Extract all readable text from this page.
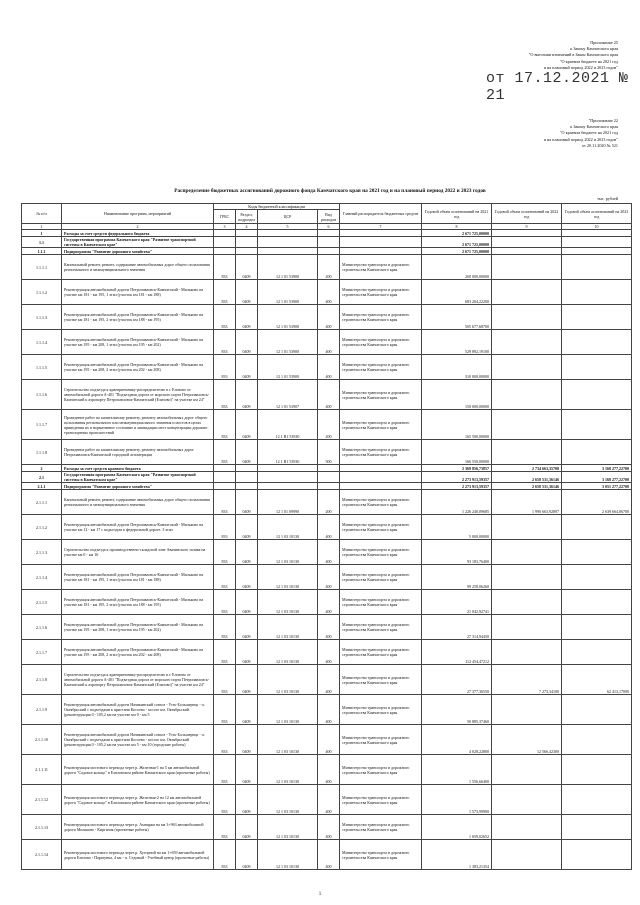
Приложение 25
к Закону Камчатского края
"О внесении изменений в Закон Камчатского края
"О краевом бюджете на 2021 год
и на плановый период 2022 и 2023 годов"
от 17.12.2021 № 21
"Приложение 22
к Закону Камчатского края
"О краевом бюджете на 2021 год
и на плановый период 2022 и 2023 годов"
от 20.11.2020 № 521
Распределение бюджетных ассигнований дорожного фонда Камчатского края на 2021 год и на плановый период 2022 и 2023 годов
тыс. рублей
№ п/п	Наименование программ, мероприятий	Коды бюджетной классификации				Главный распорядитель бюджетных средств	Годовой объем ассигнований на 2021 год	Годовой объем ассигнований на 2022 год	Годовой объем ассигнований на 2023 год
		ГРБС	Раздел, подраздел	ЦСР	Вид расходов				
1	2	3	4	5	6	7	8	9	10
1	Расходы за счет средств федерального бюджета						2 671 725,00000		
1.1	Государственная программа Камчатского края "Развитие транспортной системы в Камчатском крае"						2 671 725,00000		
1.1.1	Подпрограмма "Развитие дорожного хозяйства"						2 671 725,00000		
1.1.1.1	Капитальный ремонт, ремонт, содержание автомобильных дорог общего пользования регионального и межмуниципального значения	833	0409	12 1 01 53900	200	Министерство транспорта и дорожного строительства Камчатского края	200 000,00000		
1.1.1.2	Реконструкция автомобильной дороги Петропавловск-Камчатский - Мильково на участке км 181 - км 195, 1 этап (участок км 181 - км 188)	833	0409	12 1 01 53900	400	Министерство транспорта и дорожного строительства Камчатского края	683 204,22200		
1.1.1.3	Реконструкция автомобильной дороги Петропавловск-Камчатский - Мильково на участке км 181 - км 195, 2 этап (участок км 188 - км 195)	833	0409	12 1 01 53900	400	Министерство транспорта и дорожного строительства Камчатского края	505 677,68700		
1.1.1.4	Реконструкция автомобильной дороги Петропавловск-Камчатский - Мильково на участке км 195 - км 208, 1 этап (участок км 195 - км 202)	833	0409	12 1 01 53900	400	Министерство транспорта и дорожного строительства Камчатского края	529 892,19100		
1.1.1.5	Реконструкция автомобильной дороги Петропавловск-Камчатский - Мильково на участке км 195 - км 208, 2 этап (участок км 202 - км 208)	833	0409	12 1 01 53900	400	Министерство транспорта и дорожного строительства Камчатского края	310 000,00000		
1.1.1.6	Строительство подъезда к краеприемнику-распределителю в г. Елизово от автомобильной дороги А-401 "Подъездная дорога от морского порта Петропавловск-Камчатский к аэропорту Петропавловск-Камчатский (Елизово)" на участке км 24"	833	0409	12 1 01 53907	400	Министерство транспорта и дорожного строительства Камчатского края	150 000,00000		
1.1.1.7	Проведение работ по капитальному ремонту, ремонту автомобильных дорог общего пользования регионального или межмуниципального значения и мостов в целях приведения их в нормативное состояние и ликвидации мест концентрации дорожно-транспортных происшествий	833	0409	12 1 R1 53930	200	Министерство транспорта и дорожного строительства Камчатского края	165 500,00000		
1.1.1.8	Проведение работ по капитальному ремонту, ремонту автомобильных дорог Петропавловск-Камчатской городской агломерации	833	0409	12 1 R1 53930	500	Министерство транспорта и дорожного строительства Камчатского края	166 550,00000		
2	Расходы за счет средств краевого бюджета						2 369 856,73857	2 734 663,35700	3 168 277,22700
2.1	Государственная программа Камчатского края "Развитие транспортной системы в Камчатском крае"						2 273 913,59357	2 658 531,36146	3 168 277,22700
2.1.1	Подпрограмма "Развитие дорожного хозяйства"						2 273 913,59357	2 658 531,36146	3 051 277,22700
2.1.1.1	Капитальный ремонт, ремонт, содержание автомобильных дорог общего пользования регионального и межмуниципального значения	833	0409	12 1 01 09990	200	Министерство транспорта и дорожного строительства Камчатского края	1 226 240,09685	1 990 663,92897	2 639 664,06700
2.1.1.2	Реконструкция автомобильной дороги Петропавловск-Камчатский - Мильково на участке км 12 - км 17 с подъездом к федеральной дороге, 3 этап	833	0409	12 1 03 10130	400	Министерство транспорта и дорожного строительства Камчатского края	5 000,00000		
2.1.1.3	Строительство подъезда к производственно-складской зоне Авачинского залива на участке км 0 - км 16	833	0409	12 1 03 10130	400	Министерство транспорта и дорожного строительства Камчатского края	93 183,76400		
2.1.1.4	Реконструкция автомобильной дороги Петропавловск-Камчатский - Мильково на участке км 181 - км 195, 1 этап (участок км 181 - км 188)	833	0409	12 1 03 10130	400	Министерство транспорта и дорожного строительства Камчатского края	99 258,06260		
2.1.1.5	Реконструкция автомобильной дороги Петропавловск-Камчатский - Мильково на участке км 181 - км 195, 2 этап (участок км 188 - км 195)	833	0409	12 1 03 10130	400	Министерство транспорта и дорожного строительства Камчатского края	21 042,92741		
2.1.1.6	Реконструкция автомобильной дороги Петропавловск-Камчатский - Мильково на участке км 195 - км 208, 1 этап (участок км 195 - км 202)	833	0409	12 1 03 10130	400	Министерство транспорта и дорожного строительства Камчатского края	27 314,94450		
2.1.1.7	Реконструкция автомобильной дороги Петропавловск-Камчатский - Мильково на участке км 195 - км 208, 2 этап (участок км 202 - км 208)	833	0409	12 1 03 10130	400	Министерство транспорта и дорожного строительства Камчатского края	112 454,47212		
2.1.1.8	Строительство подъезда к краеприемнику-распределителю в г. Елизово от автомобильной дороги А-401 "Подъездная дорога от морского порта Петропавловск-Камчатский к аэропорту Петропавловск-Камчатский (Елизово)" на участке км 24"	833	0409	12 1 03 10130	400	Министерство транспорта и дорожного строительства Камчатского края	27 377,36550	7 273,34100	62 413,17000
2.1.1.9	Реконструкция автомобильной дороги Начикинский совхоз - Усть-Большерецк - п. Октябрьский с подъездами к пристани Косоево - косого км. Октябрьский (реконструкция 0 - 105,2 км на участке км 0 - км 5	833	0409	12 1 03 10130	400	Министерство транспорта и дорожного строительства Камчатского края	50 885,37460		
2.1.1.10	Реконструкция автомобильной дороги Начикинский совхоз - Усть-Большерецк - п. Октябрьский с подъездами к пристани Косоево - косого км. Октябрьский (реконструкция 0 - 105,2 км на участке км 5 - км 10 (городские работы)	833	0409	12 1 03 10130	400	Министерство транспорта и дорожного строительства Камчатского края	4 028,22800	12 566,42300	
2.1.1.11	Реконструкция мостового перехода через р. Железная-1 на 5 км автомобильной дороги "Садовое кольцо" в Елизовском районе Камчатского края (проектные работы)	833	0409	12 1 03 10130	400	Министерство транспорта и дорожного строительства Камчатского края	1 556,66400		
2.1.1.12	Реконструкция мостового перехода через р. Железная-2 на 12 км автомобильной дороги "Садовое кольцо" в Елизовском районе Камчатского края (проектные работы)	833	0409	12 1 03 10130	400	Министерство транспорта и дорожного строительства Камчатского края	1 573,99900		
2.1.1.13	Реконструкция мостового перехода через р. Амнарам на км 3+963 автомобильной дороги Мильково - Киргизик (проектные работы)	833	0409	12 1 03 10130	400	Министерство транспорта и дорожного строительства Камчатского края	1 659,02652		
2.1.1.14	Реконструкция мостового перехода через р. Хуторной на км 1+659 автомобильной дороги Елизово - Паратунка, 4 км - п. Седовый - Учебный центр (проектные работы)	833	0409	12 1 03 10130	400	Министерство транспорта и дорожного строительства Камчатского края	1 383,21354		
1
